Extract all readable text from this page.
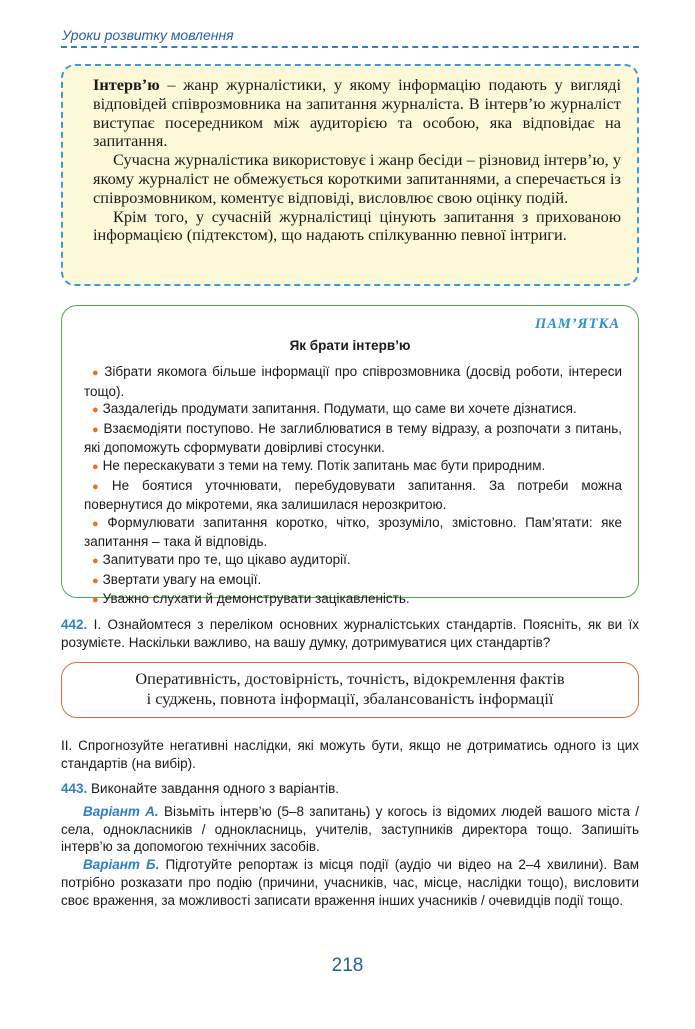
Уроки розвитку мовлення

Інтерв’ю – жанр журналістики, у якому інформацію подають у вигляді відповідей співрозмовника на запитання журналіста. В інтерв’ю журналіст виступає посередником між аудиторією та особою, яка відповідає на запитання.

Сучасна журналістика використовує і жанр бесіди – різновид інтерв’ю, у якому журналіст не обмежується короткими запитаннями, а сперечається із співрозмовником, коментує відповіді, висловлює свою оцінку подій.

Крім того, у сучасній журналістиці цінують запитання з прихованою інформацією (підтекстом), що надають спілкуванню певної інтриги.

ПАМ’ЯТКА
Як брати інтерв’ю

● Зібрати якомога більше інформації про співрозмовника (досвід роботи, інтереси тощо).

● Заздалегідь продумати запитання. Подумати, що саме ви хочете дізнатися.

● Взаємодіяти поступово. Не заглиблюватися в тему відразу, а розпочати з питань, які допоможуть сформувати довірливі стосунки.

● Не перескакувати з теми на тему. Потік запитань має бути природним.

● Не боятися уточнювати, перебудовувати запитання. За потреби можна повернутися до мікротеми, яка залишилася нерозкритою.

● Формулювати запитання коротко, чітко, зрозуміло, змістовно. Пам’ятати: яке запитання – така й відповідь.

● Запитувати про те, що цікаво аудиторії.

● Звертати увагу на емоції.

● Уважно слухати й демонструвати зацікавленість.

442. І. Ознайомтеся з переліком основних журналістських стандартів. Поясніть, як ви їх розумієте. Наскільки важливо, на вашу думку, дотримуватися цих стандартів?

Оперативність, достовірність, точність, відокремлення фактів
і суджень, повнота інформації, збалансованість інформації

ІІ. Спрогнозуйте негативні наслідки, які можуть бути, якщо не дотриматись одного із цих стандартів (на вибір).

443. Виконайте завдання одного з варіантів.

Варіант А. Візьміть інтерв’ю (5–8 запитань) у когось із відомих людей вашого міста / села, однокласників / однокласниць, учителів, заступників директора тощо. Запишіть інтерв’ю за допомогою технічних засобів.

Варіант Б. Підготуйте репортаж із місця події (аудіо чи відео на 2–4 хвилини). Вам потрібно розказати про подію (причини, учасників, час, місце, наслідки тощо), висловити своє враження, за можливості записати враження інших учасників / очевидців події тощо.

218
